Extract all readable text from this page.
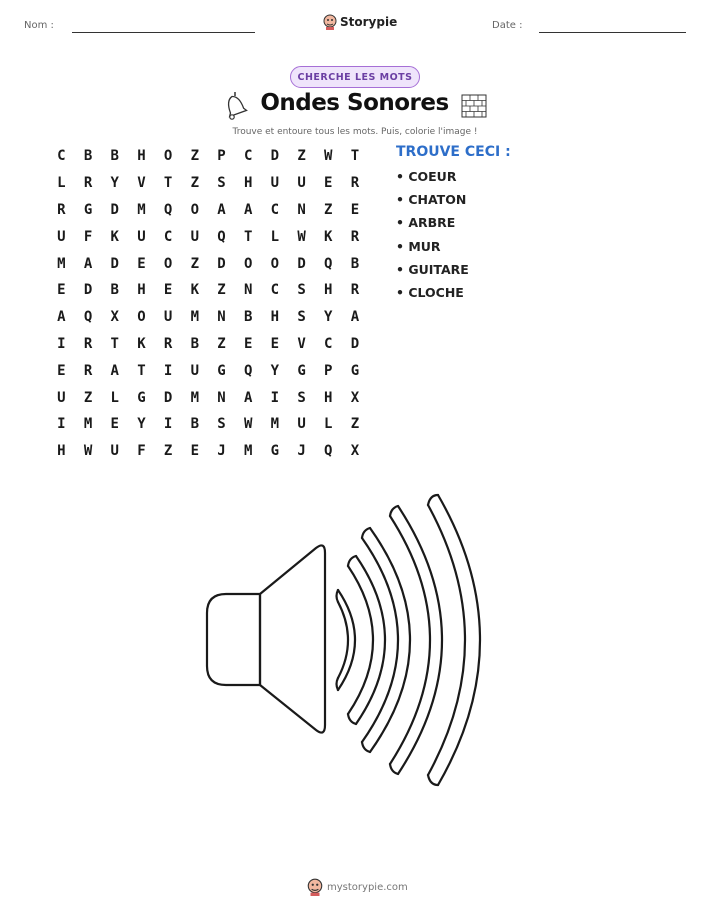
Nom :	Storypie	Date :
CHERCHE LES MOTS
Ondes Sonores
Trouve et entoure tous les mots. Puis, colorie l'image !
C	B	B	H	O	Z	P	C	D	Z	W	T
L	R	Y	V	T	Z	S	H	U	U	E	R
R	G	D	M	Q	O	A	A	C	N	Z	E
U	F	K	U	C	U	Q	T	L	W	K	R
M	A	D	E	O	Z	D	O	O	D	Q	B
E	D	B	H	E	K	Z	N	C	S	H	R
A	Q	X	O	U	M	N	B	H	S	Y	A
I	R	T	K	R	B	Z	E	E	V	C	D
E	R	A	T	I	U	G	Q	Y	G	P	G
U	Z	L	G	D	M	N	A	I	S	H	X
I	M	E	Y	I	B	S	W	M	U	L	Z
H	W	U	F	Z	E	J	M	G	J	Q	X
TROUVE CECI :
• COEUR
• CHATON
• ARBRE
• MUR
• GUITARE
• CLOCHE
mystorypie.com
